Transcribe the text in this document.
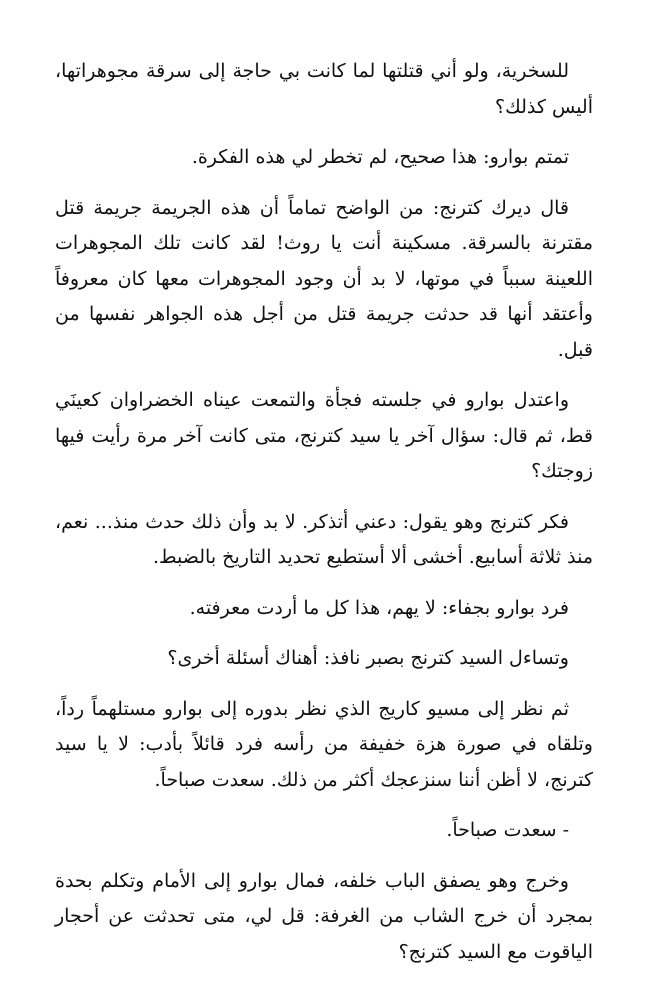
للسخرية، ولو أني قتلتها لما كانت بي حاجة إلى سرقة مجوهراتها، أليس كذلك؟

تمتم بوارو: هذا صحيح، لم تخطر لي هذه الفكرة.

قال ديرك كترنج: من الواضح تماماً أن هذه الجريمة جريمة قتل مقترنة بالسرقة. مسكينة أنت يا روث! لقد كانت تلك المجوهرات اللعينة سبباً في موتها، لا بد أن وجود المجوهرات معها كان معروفاً وأعتقد أنها قد حدثت جريمة قتل من أجل هذه الجواهر نفسها من قبل.

واعتدل بوارو في جلسته فجأة والتمعت عيناه الخضراوان كعينَي قط، ثم قال: سؤال آخر يا سيد كترنج، متى كانت آخر مرة رأيت فيها زوجتك؟

فكر كترنج وهو يقول: دعني أتذكر. لا بد وأن ذلك حدث منذ... نعم، منذ ثلاثة أسابيع. أخشى ألا أستطيع تحديد التاريخ بالضبط.

فرد بوارو بجفاء: لا يهم، هذا كل ما أردت معرفته.

وتساءل السيد كترنج بصبر نافذ: أهناك أسئلة أخرى؟

ثم نظر إلى مسيو كاريج الذي نظر بدوره إلى بوارو مستلهماً رداً، وتلقاه في صورة هزة خفيفة من رأسه فرد قائلاً بأدب: لا يا سيد كترنج، لا أظن أننا سنزعجك أكثر من ذلك. سعدت صباحاً.

- سعدت صباحاً.

وخرج وهو يصفق الباب خلفه، فمال بوارو إلى الأمام وتكلم بحدة بمجرد أن خرج الشاب من الغرفة: قل لي، متى تحدثت عن أحجار الياقوت مع السيد كترنج؟
